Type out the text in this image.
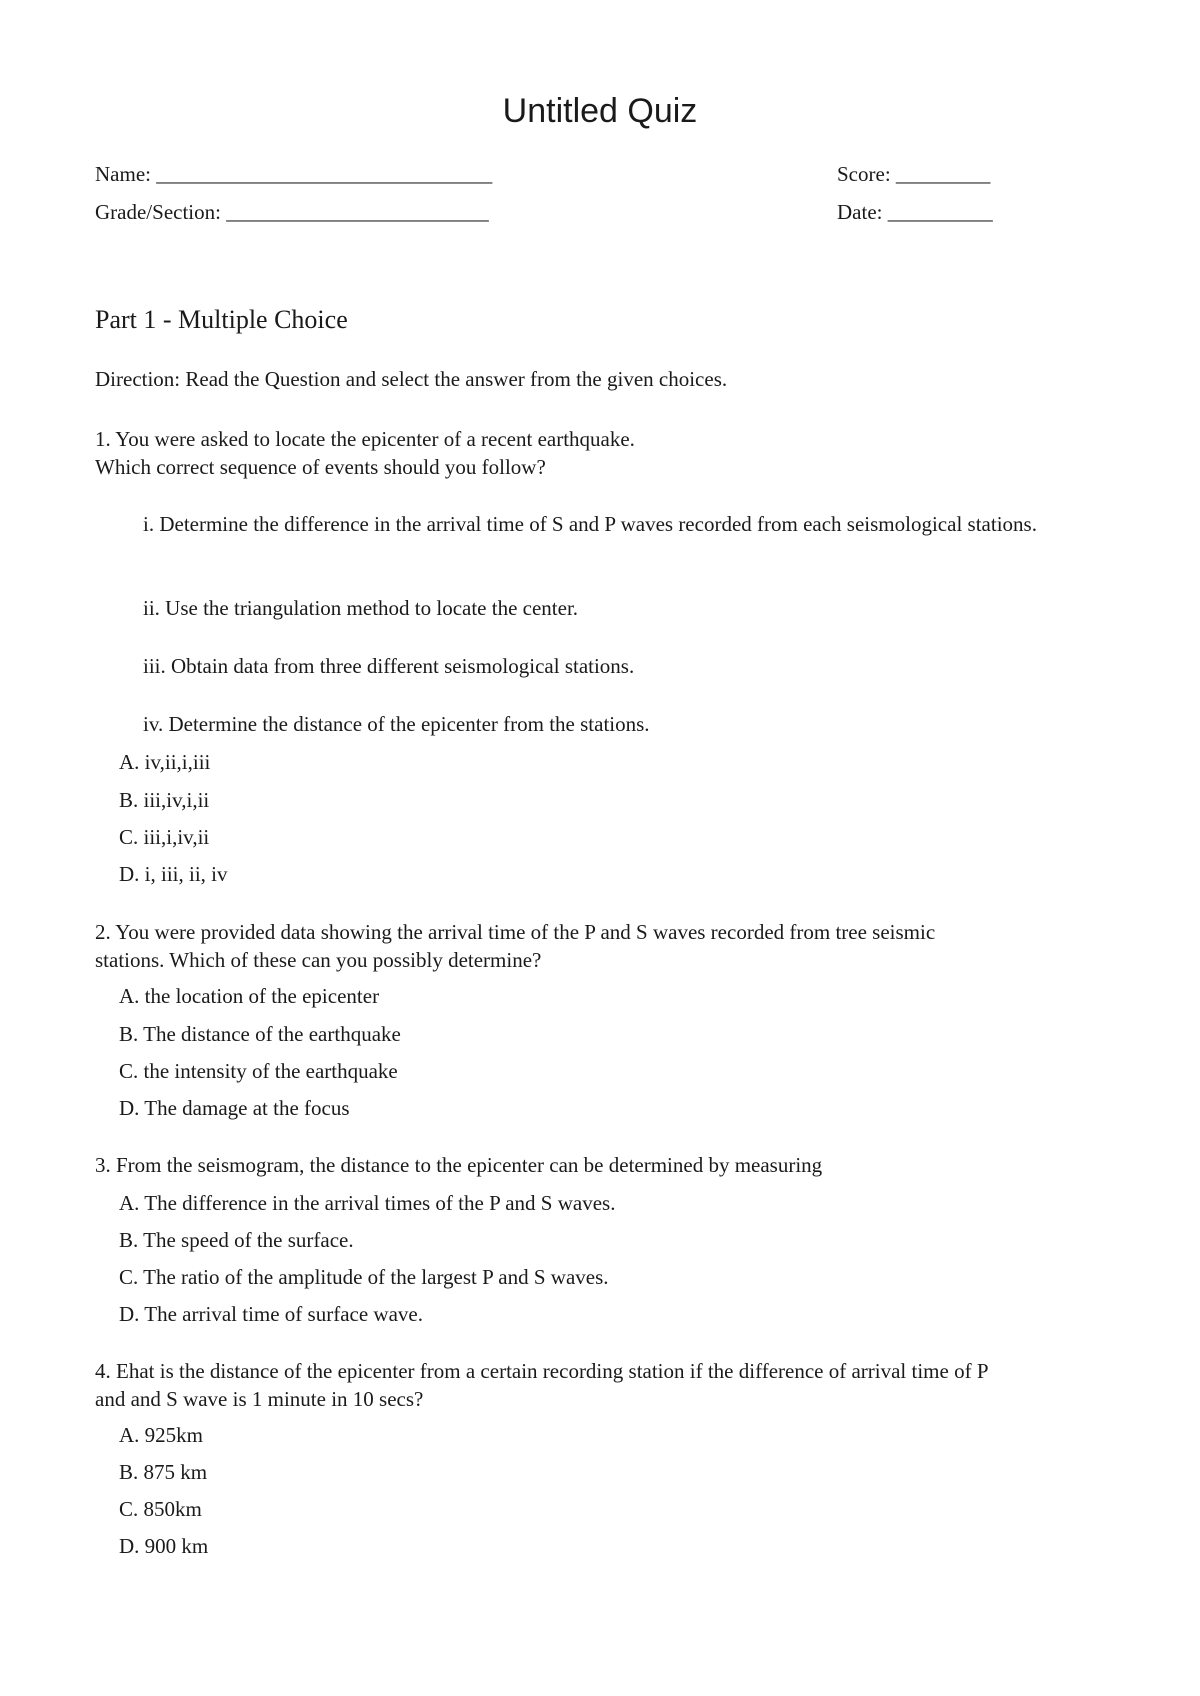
Untitled Quiz
Name: ________________________________	Score: _________
Grade/Section: _________________________	Date: __________
Part 1 - Multiple Choice
Direction: Read the Question and select the answer from the given choices.
1. You were asked to locate the epicenter of a recent earthquake.
Which correct sequence of events should you follow?
i. Determine the difference in the arrival time of S and P waves recorded from each seismological stations.
ii. Use the triangulation method to locate the center.
iii. Obtain data from three different seismological stations.
iv. Determine the distance of the epicenter from the stations.
A. iv,ii,i,iii
B. iii,iv,i,ii
C. iii,i,iv,ii
D. i, iii, ii, iv
2. You were provided data showing the arrival time of the P and S waves recorded from tree seismic
stations. Which of these can you possibly determine?
A. the location of the epicenter
B. The distance of the earthquake
C. the intensity of the earthquake
D. The damage at the focus
3. From the seismogram, the distance to the epicenter can be determined by measuring
A. The difference in the arrival times of the P and S waves.
B. The speed of the surface.
C. The ratio of the amplitude of the largest P and S waves.
D. The arrival time of surface wave.
4. Ehat is the distance of the epicenter from a certain recording station if the difference of arrival time of P
and and S wave is 1 minute in 10 secs?
A. 925km
B. 875 km
C. 850km
D. 900 km
